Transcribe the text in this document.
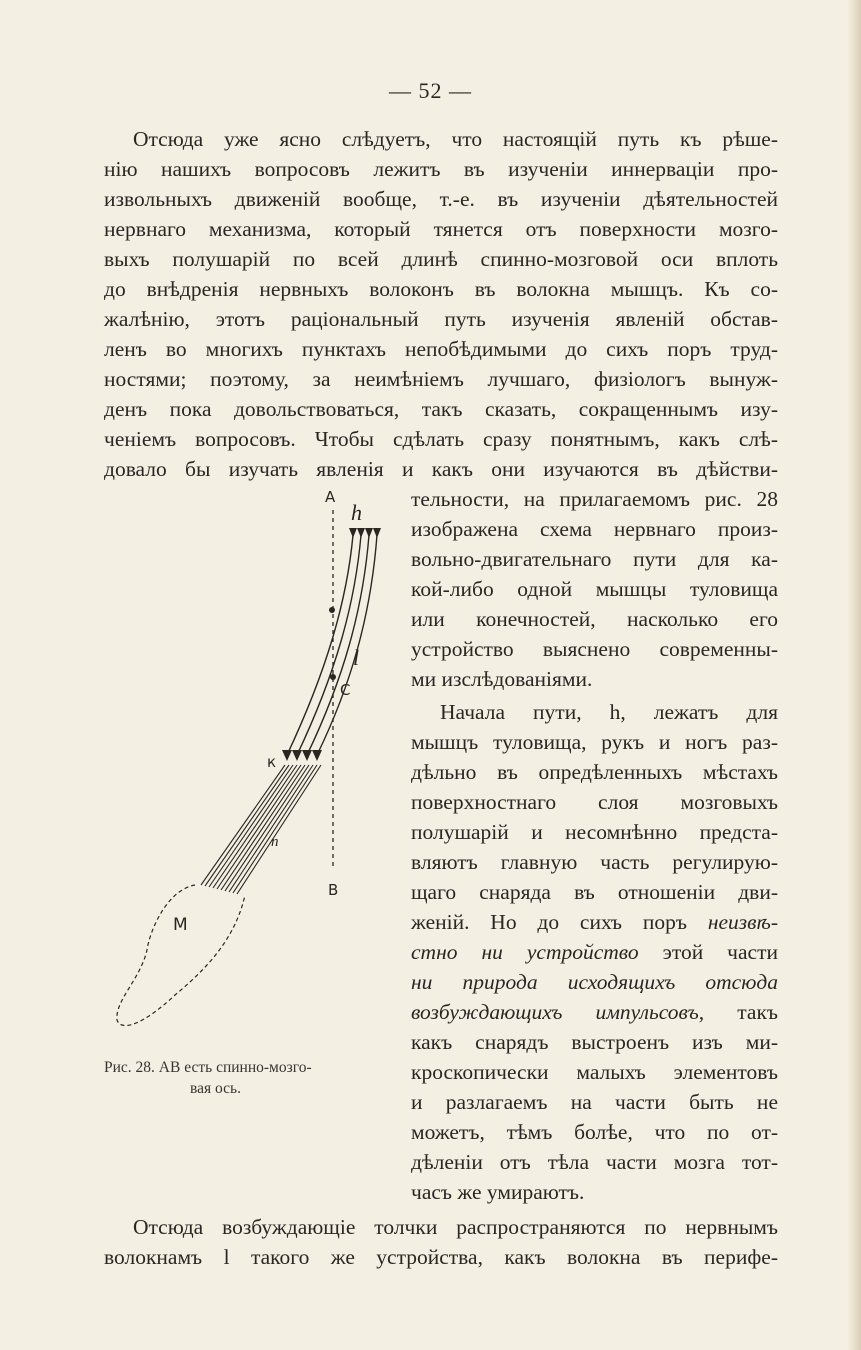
— 52 —
Отсюда уже ясно слѣдуетъ, что настоящій путь къ рѣше-
нію нашихъ вопросовъ лежитъ въ изученіи иннерваціи про-
извольныхъ движеній вообще, т.-е. въ изученіи дѣятельностей
нервнаго механизма, который тянется отъ поверхности мозго-
выхъ полушарій по всей длинѣ спинно-мозговой оси вплоть
до внѣдренія нервныхъ волоконъ въ волокна мышцъ. Къ со-
жалѣнію, этотъ раціональный путь изученія явленій обстав-
ленъ во многихъ пунктахъ непобѣдимыми до сихъ поръ труд-
ностями; поэтому, за неимѣніемъ лучшаго, физіологъ вынуж-
денъ пока довольствоваться, такъ сказать, сокращеннымъ изу-
ченіемъ вопросовъ. Чтобы сдѣлать сразу понятнымъ, какъ слѣ-
довало бы изучать явленія и какъ они изучаются въ дѣйстви-
тельности, на прилагаемомъ рис. 28
изображена схема нервнаго произ-
вольно-двигательнаго пути для ка-
кой-либо одной мышцы туловища
или конечностей, насколько его
устройство выяснено современны-
ми изслѣдованіями.
Начала пути, h, лежатъ для
мышцъ туловища, рукъ и ногъ раз-
дѣльно въ опредѣленныхъ мѣстахъ
поверхностнаго слоя мозговыхъ
полушарій и несомнѣнно предста-
вляютъ главную часть регулирую-
щаго снаряда въ отношеніи дви-
женій. Но до сихъ поръ неизвѣ-
стно ни устройство этой части
ни природа исходящихъ отсюда
возбуждающихъ импульсовъ, такъ
какъ снарядъ выстроенъ изъ ми-
кроскопически малыхъ элементовъ
и разлагаемъ на части быть не
можетъ, тѣмъ болѣе, что по от-
дѣленіи отъ тѣла части мозга тот-
часъ же умираютъ.
Отсюда возбуждающіе толчки распространяются по нервнымъ
волокнамъ l такого же устройства, какъ волокна въ перифе-
A
B
C
h
l
к
n
M
Рис. 28. AB есть спинно-мозго-
вая ось.
